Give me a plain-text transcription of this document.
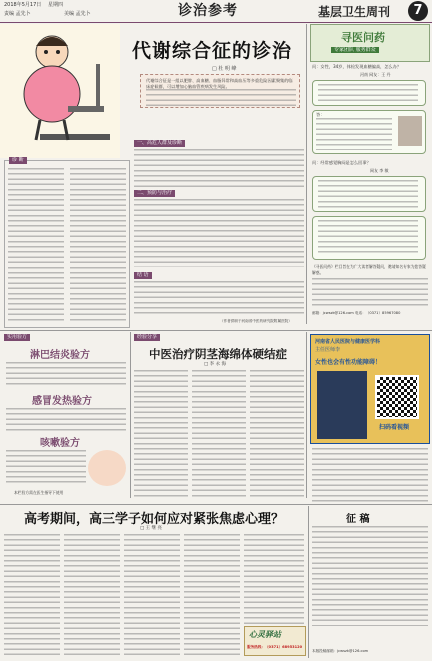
2018年5月17日 星期四
责编 孟先卜	美编 孟先卜	诊治参考	基层卫生周刊	7
代谢综合征的诊治
□ 杜 明 峰
代谢综合征是一组以肥胖、高血糖、血脂异常和高血压等多重危险因素聚集的临床症候群，可以增加心脑血管疾病发生风险。
一、高危人群及诊断
二、预防与治疗
结 语
（作者供职于河南省中医药研究院附属医院）
诊 断
寻医问药
专家团队 服务群众
问：女性，34岁，体检发现血糖偏高，怎么办？
河南 网友：王 丹
答：
问：经常感觉胸闷是怎么回事？
网友 李 敏
《寻医问药》栏目旨在为广大读者解答疑问，邀请知名专家为您答疑解惑。
邮箱：jcwszk@126.com 电话：（0371）85967080
实用验方
淋巴结炎验方
感冒发热验方
咳嗽验方
本栏验方需在医生指导下使用
经验分享
中医治疗阴茎海绵体硬结症
□ 李 永 海
河南省人民医院与健康医学科
主任医师李
女性也会有性功能障碍！
扫码看视频
高考期间，高三学子如何应对紧张焦虑心理？
□ 王 继 亮
心灵驿站
服务热线：（0371）68953120
征 稿
本版投稿邮箱：jcwszk@126.com
